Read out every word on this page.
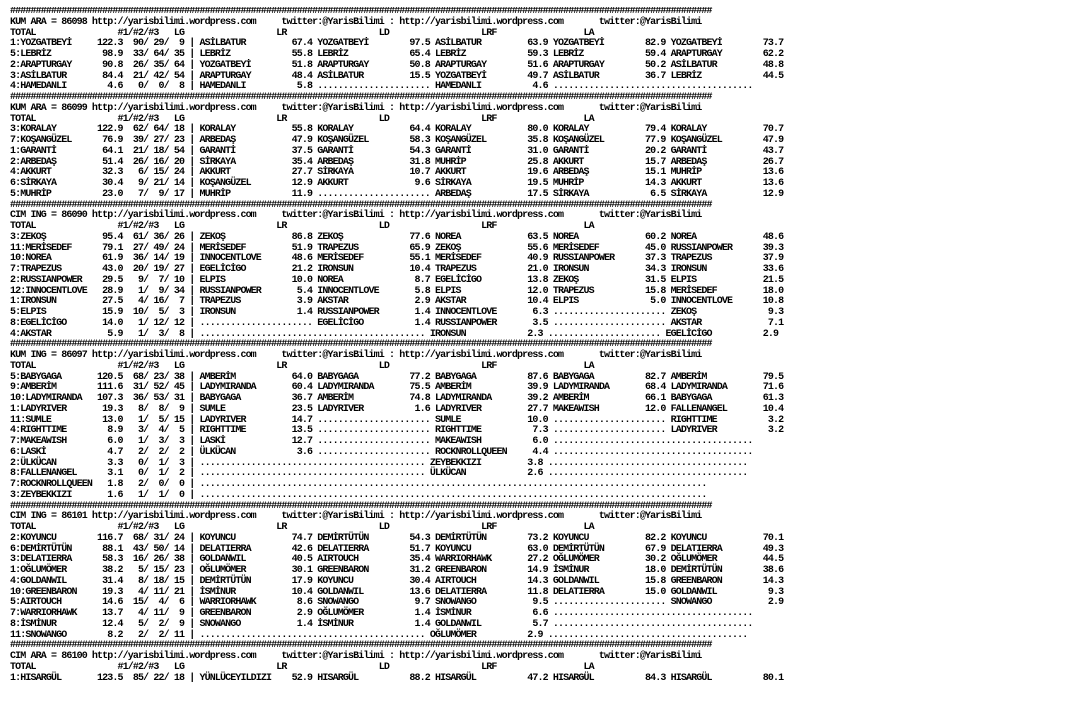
#########################################################################################################################################
KUM ARA = 86098 http://yarisbilimi.wordpress.com     twitter:@YarisBilimi : http://yarisbilimi.wordpress.com       twitter:@YarisBilimi
TOTAL                #1/#2/#3   LG                  LR                  LD                  LRF                 LA
1:YOZGATBEYİ     122.3  90/ 29/  9 | ASİLBATUR         67.4 YOZGATBEYİ        97.5 ASİLBATUR         63.9 YOZGATBEYİ        82.9 YOZGATBEYİ        73.7
5:LEBRİZ          98.9  33/ 64/ 35 | LEBRİZ            55.8 LEBRİZ            65.4 LEBRİZ            59.3 LEBRİZ            59.4 ARAPTURGAY        62.2
2:ARAPTURGAY      90.8  26/ 35/ 64 | YOZGATBEYİ        51.8 ARAPTURGAY        50.8 ARAPTURGAY        51.6 ARAPTURGAY        50.2 ASİLBATUR         48.8
3:ASİLBATUR       84.4  21/ 42/ 54 | ARAPTURGAY        48.4 ASİLBATUR         15.5 YOZGATBEYİ        49.7 ASİLBATUR         36.7 LEBRİZ            44.5
4:HAMEDANLI        4.6   0/  0/  8 | HAMEDANLI          5.8 ...................... HAMEDANLI          4.6 .......................................
#########################################################################################################################################
KUM ARA = 86099 http://yarisbilimi.wordpress.com     twitter:@YarisBilimi : http://yarisbilimi.wordpress.com       twitter:@YarisBilimi
TOTAL                #1/#2/#3   LG                  LR                  LD                  LRF                 LA
3:KORALAY        122.9  62/ 64/ 18 | KORALAY           55.8 KORALAY           64.4 KORALAY           80.0 KORALAY           79.4 KORALAY           70.7
7:KOŞANGÜZEL      76.9  39/ 27/ 23 | ARBEDAŞ           47.9 KOŞANGÜZEL        58.3 KOŞANGÜZEL        35.8 KOŞANGÜZEL        77.9 KOŞANGÜZEL        47.9
1:GARANTİ         64.1  21/ 18/ 54 | GARANTİ           37.5 GARANTİ           54.3 GARANTİ           31.0 GARANTİ           20.2 GARANTİ           43.7
2:ARBEDAŞ         51.4  26/ 16/ 20 | SİRKAYA           35.4 ARBEDAŞ           31.8 MUHRİP            25.8 AKKURT            15.7 ARBEDAŞ           26.7
4:AKKURT          32.3   6/ 15/ 24 | AKKURT            27.7 SİRKAYA           10.7 AKKURT            19.6 ARBEDAŞ           15.1 MUHRİP            13.6
6:SİRKAYA         30.4   9/ 21/ 14 | KOŞANGÜZEL        12.9 AKKURT             9.6 SİRKAYA           19.5 MUHRİP            14.3 AKKURT            13.6
5:MUHRİP          23.0   7/  9/ 17 | MUHRİP            11.9 ...................... ARBEDAŞ           17.5 SİRKAYA            6.5 SİRKAYA           12.9
#########################################################################################################################################
CIM ING = 86090 http://yarisbilimi.wordpress.com     twitter:@YarisBilimi : http://yarisbilimi.wordpress.com       twitter:@YarisBilimi
TOTAL                #1/#2/#3   LG                  LR                  LD                  LRF                 LA
3:ZEKOŞ           95.4  61/ 36/ 26 | ZEKOŞ             86.8 ZEKOŞ             77.6 NOREA             63.5 NOREA             60.2 NOREA             48.6
11:MERİSEDEF      79.1  27/ 49/ 24 | MERİSEDEF         51.9 TRAPEZUS          65.9 ZEKOŞ             55.6 MERİSEDEF         45.0 RUSSIANPOWER      39.3
10:NOREA          61.9  36/ 14/ 19 | INNOCENTLOVE      48.6 MERİSEDEF         55.1 MERİSEDEF         40.9 RUSSIANPOWER      37.3 TRAPEZUS          37.9
7:TRAPEZUS        43.0  20/ 19/ 27 | EGELİCİGO         21.2 IRONSUN           10.4 TRAPEZUS          21.0 IRONSUN           34.3 IRONSUN           33.6
2:RUSSIANPOWER    29.5   9/  7/ 10 | ELPIS             10.0 NOREA              8.7 EGELİCİGO         13.8 ZEKOŞ             31.5 ELPIS             21.5
12:INNOCENTLOVE   28.9   1/  9/ 34 | RUSSIANPOWER       5.4 INNOCENTLOVE       5.8 ELPIS             12.0 TRAPEZUS          15.8 MERİSEDEF         18.0
1:IRONSUN         27.5   4/ 16/  7 | TRAPEZUS           3.9 AKSTAR             2.9 AKSTAR            10.4 ELPIS              5.0 INNOCENTLOVE      10.8
5:ELPIS           15.9  10/  5/  3 | IRONSUN            1.4 RUSSIANPOWER       1.4 INNOCENTLOVE       6.3 ...................... ZEKOŞ              9.3
8:EGELİCİGO       14.0   1/ 12/ 12 | ...................... EGELİCİGO          1.4 RUSSIANPOWER       3.5 ...................... AKSTAR             7.1
4:AKSTAR           5.9   1/  3/  8 | ............................................ IRONSUN            2.3 ...................... EGELİCİGO          2.9
#########################################################################################################################################
KUM ING = 86097 http://yarisbilimi.wordpress.com     twitter:@YarisBilimi : http://yarisbilimi.wordpress.com       twitter:@YarisBilimi
TOTAL                #1/#2/#3   LG                  LR                  LD                  LRF                 LA
5:BABYGAGA       120.5  68/ 23/ 38 | AMBERİM           64.0 BABYGAGA          77.2 BABYGAGA          87.6 BABYGAGA          82.7 AMBERİM           79.5
9:AMBERİM        111.6  31/ 52/ 45 | LADYMIRANDA       60.4 LADYMIRANDA       75.5 AMBERİM           39.9 LADYMIRANDA       68.4 LADYMIRANDA       71.6
10:LADYMIRANDA   107.3  36/ 53/ 31 | BABYGAGA          36.7 AMBERİM           74.8 LADYMIRANDA       39.2 AMBERİM           66.1 BABYGAGA          61.3
1:LADYRIVER       19.3   8/  8/  9 | SUMLE             23.5 LADYRIVER          1.6 LADYRIVER         27.7 MAKEAWISH         12.0 FALLENANGEL       10.4
11:SUMLE          13.0   1/  5/ 15 | LADYRIVER         14.7 ...................... SUMLE             10.0 ...................... RIGHTTIME          3.2
4:RIGHTTIME        8.9   3/  4/  5 | RIGHTTIME         13.5 ...................... RIGHTTIME          7.3 ...................... LADYRIVER          3.2
7:MAKEAWISH        6.0   1/  3/  3 | LASKİ             12.7 ...................... MAKEAWISH          6.0 .......................................
6:LASKİ            4.7   2/  2/  2 | ÜLKÜCAN            3.6 ...................... ROCKNROLLQUEEN     4.4 .......................................
2:ÜLKÜCAN          3.3   0/  1/  3 | ............................................ ZEYBEKKIZI         3.8 .......................................
8:FALLENANGEL      3.1   0/  1/  2 | ............................................ ÜLKÜCAN            2.6 .......................................
7:ROCKNROLLQUEEN   1.8   2/  0/  0 | ...................................................................................................
3:ZEYBEKKIZI       1.6   1/  1/  0 | ...................................................................................................
#########################################################################################################################################
CIM ING = 86101 http://yarisbilimi.wordpress.com     twitter:@YarisBilimi : http://yarisbilimi.wordpress.com       twitter:@YarisBilimi
TOTAL                #1/#2/#3   LG                  LR                  LD                  LRF                 LA
2:KOYUNCU        116.7  68/ 31/ 24 | KOYUNCU           74.7 DEMİRTÜTÜN        54.3 DEMİRTÜTÜN        73.2 KOYUNCU           82.2 KOYUNCU           70.1
6:DEMİRTÜTÜN      88.1  43/ 50/ 14 | DELATIERRA        42.6 DELATIERRA        51.7 KOYUNCU           63.0 DEMİRTÜTÜN        67.9 DELATIERRA        49.3
3:DELATIERRA      58.3  16/ 26/ 38 | GOLDANWIL         40.5 AIRTOUCH          35.4 WARRIORHAWK       27.2 OĞLUMÖMER         30.2 OĞLUMÖMER         44.5
1:OĞLUMÖMER       38.2   5/ 15/ 23 | OĞLUMÖMER         30.1 GREENBARON        31.2 GREENBARON        14.9 İSMİNUR           18.0 DEMİRTÜTÜN        38.6
4:GOLDANWIL       31.4   8/ 18/ 15 | DEMİRTÜTÜN        17.9 KOYUNCU           30.4 AIRTOUCH          14.3 GOLDANWIL         15.8 GREENBARON        14.3
10:GREENBARON     19.3   4/ 11/ 21 | İSMİNUR           10.4 GOLDANWIL         13.6 DELATIERRA        11.8 DELATIERRA        15.0 GOLDANWIL          9.3
5:AIRTOUCH        14.6  15/  4/  6 | WARRIORHAWK        8.6 SNOWANGO           9.7 SNOWANGO           9.5 ...................... SNOWANGO           2.9
7:WARRIORHAWK     13.7   4/ 11/  9 | GREENBARON         2.9 OĞLUMÖMER          1.4 İSMİNUR            6.6 .......................................
8:İSMİNUR         12.4   5/  2/  9 | SNOWANGO           1.4 İSMİNUR            1.4 GOLDANWIL          5.7 .......................................
11:SNOWANGO        8.2   2/  2/ 11 | ............................................ OĞLUMÖMER          2.9 .......................................
#########################################################################################################################################
CIM ARA = 86100 http://yarisbilimi.wordpress.com     twitter:@YarisBilimi : http://yarisbilimi.wordpress.com       twitter:@YarisBilimi
TOTAL                #1/#2/#3   LG                  LR                  LD                  LRF                 LA
1:HISARGÜL       123.5  85/ 22/ 18 | YÜNLÜCEYILDIZI    52.9 HISARGÜL          88.2 HISARGÜL          47.2 HISARGÜL          84.3 HISARGÜL          80.1
